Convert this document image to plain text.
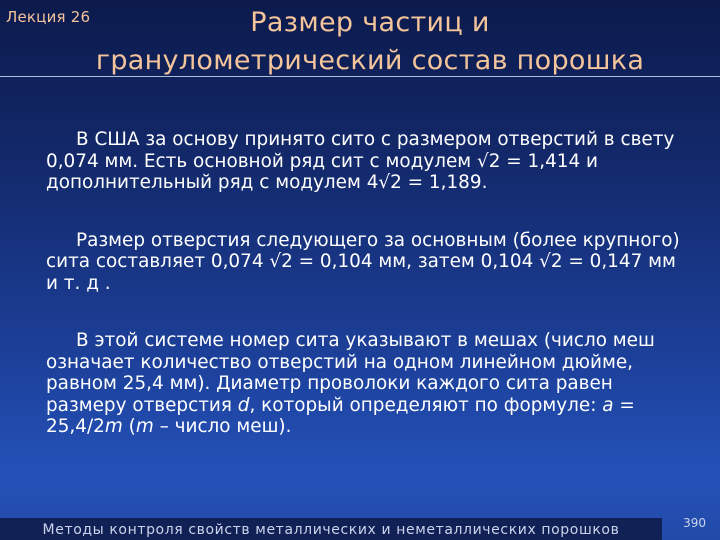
Лекция 26	Размер частиц и
гранулометрический состав порошка

В США за основу принято сито с размером отверстий в свету 0,074 мм. Есть основной ряд сит с модулем √2 = 1,414 и дополнительный ряд с модулем 4√2 = 1,189.

Размер отверстия следующего за основным (более крупного) сита составляет 0,074 √2 = 0,104 мм, затем 0,104 √2 = 0,147 мм и т. д .

В этой системе номер сита указывают в мешах (число меш означает количество отверстий на одном линейном дюйме, равном 25,4 мм). Диаметр проволоки каждого сита равен размеру отверстия d, который определяют по формуле: a = 25,4/2m (m – число меш).

Методы контроля свойств металлических и неметаллических порошков	390
